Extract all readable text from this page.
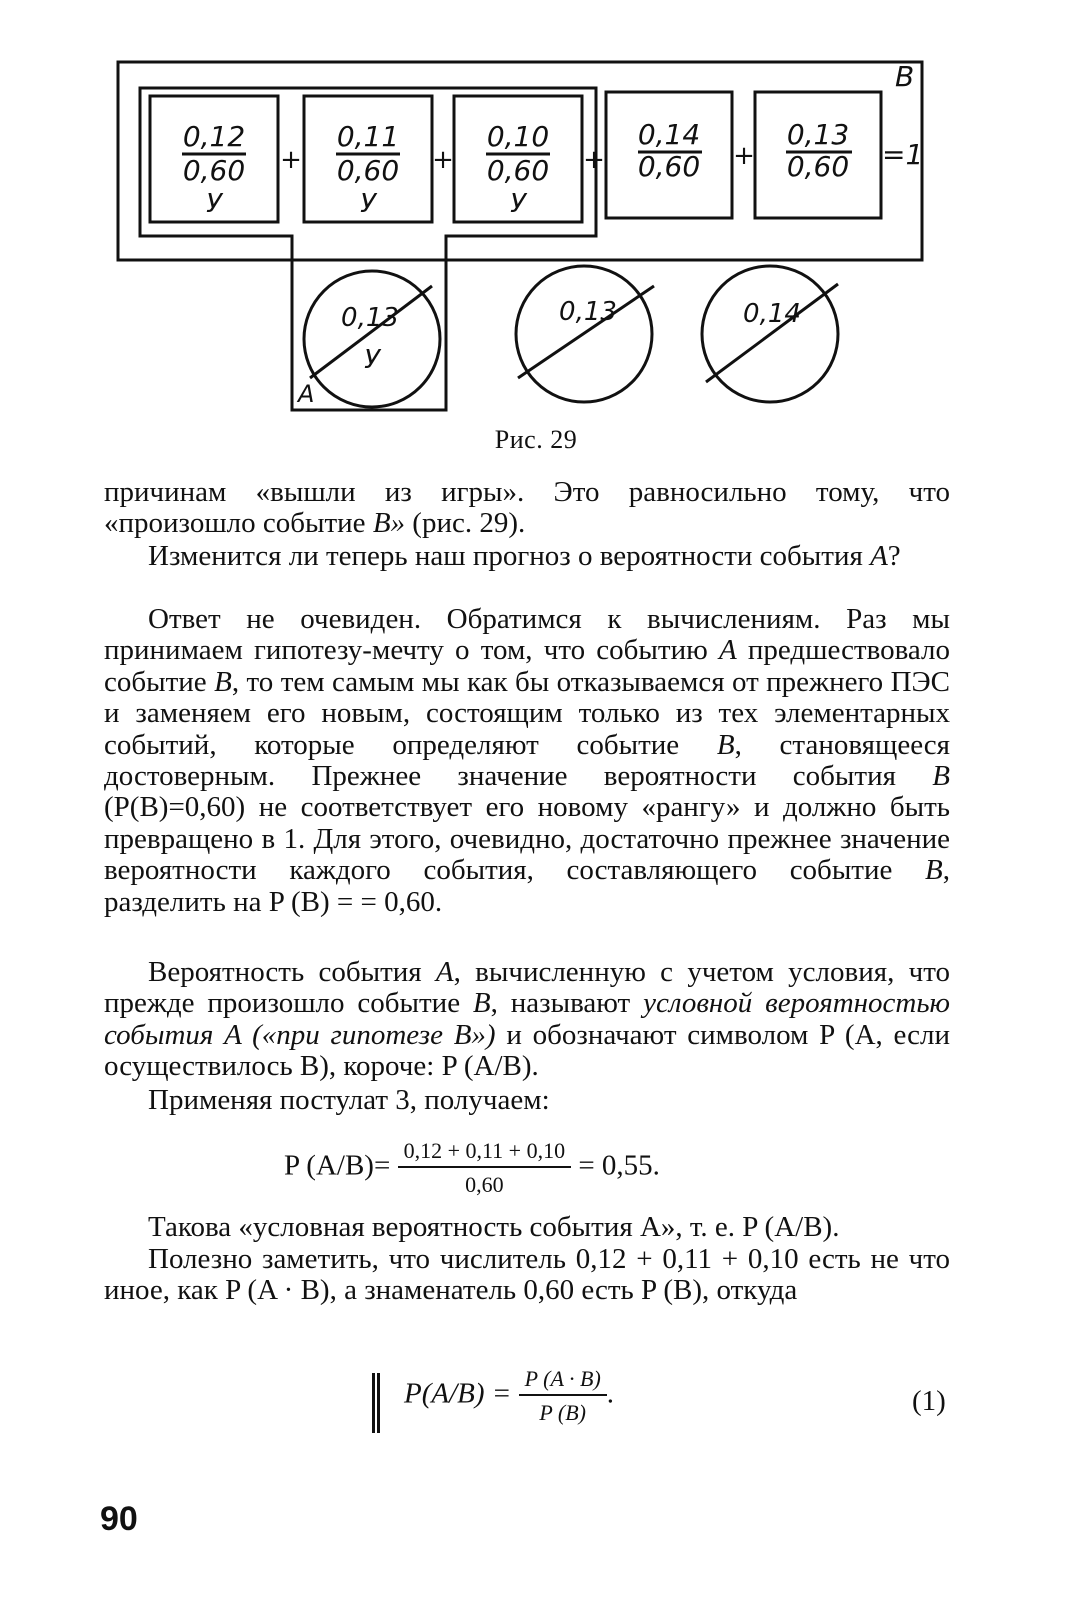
B
A
0,12
0,60
У
0,11
0,60
У
0,10
0,60
У
0,14
0,60
0,13
0,60
+	+	+	+	=1
0,13
У
0,13	0,14
Рис. 29

причинам «вышли из игры». Это равносильно тому, что «произошло событие B» (рис. 29).

Изменится ли теперь наш прогноз о вероятности события A?

Ответ не очевиден. Обратимся к вычислениям. Раз мы принимаем гипотезу-мечту о том, что событию A предшествовало событие B, то тем самым мы как бы отказываемся от прежнего ПЭС и заменяем его новым, состоящим только из тех элементарных событий, которые определяют событие B, становящееся достоверным. Прежнее значение вероятности события B (P(B)=0,60) не соответствует его новому «рангу» и должно быть превращено в 1. Для этого, очевидно, достаточно прежнее значение вероятности каждого события, составляющего событие B, разделить на P (B) = = 0,60.

Вероятность события A, вычисленную с учетом условия, что прежде произошло событие B, называют условной вероятностью события A («при гипотезе B») и обозначают символом P (A, если осуществилось B), короче: P (A/B).

Применяя постулат 3, получаем:

P $(A/B)= \frac{0,12 + 0,11 + 0,10}{0,60} = 0,55$.

Такова «условная вероятность события A», т. е. P (A/B).

Полезно заметить, что числитель 0,12 + 0,11 + 0,10 есть не что иное, как P (A · B), а знаменатель 0,60 есть P (B), откуда

$P(A/B) = \frac{P (A \cdot B)}{P (B)}$ .	(1)
90
